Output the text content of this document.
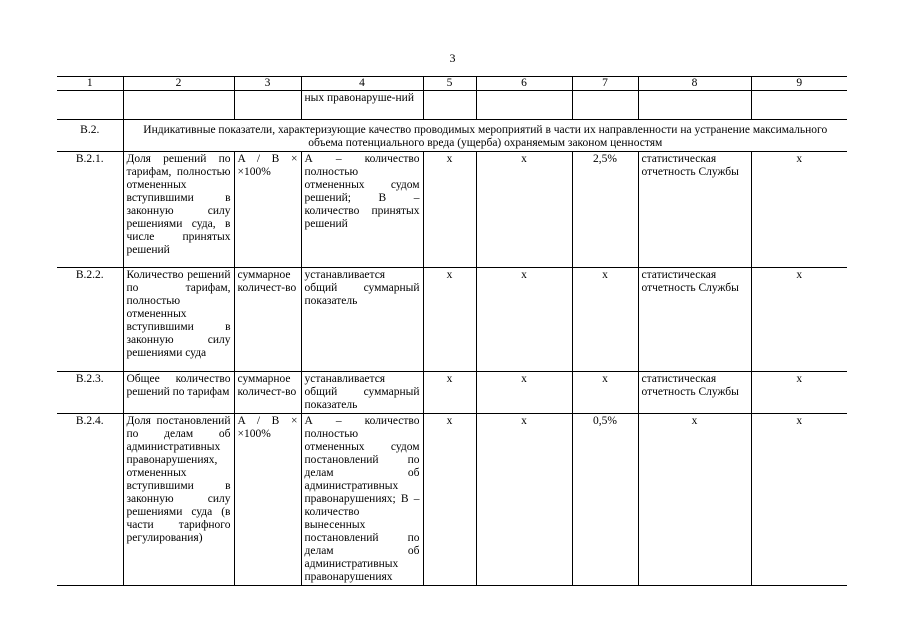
3
1	2	3	4	5	6	7	8	9
			ных правонаруше-ний					
В.2.	Индикативные показатели, характеризующие качество проводимых мероприятий в части их направленности на устранение максимального объема потенциального вреда (ущерба) охраняемым законом ценностям							
В.2.1.	Доля решений по тарифам, полностью отмененных вступившими в законную силу решениями суда, в числе принятых решений	A / B × ×100%	А – количество полностью отмененных судом решений; В – количество принятых решений	x	x	2,5%	статистическая отчетность Службы	x
В.2.2.	Количество решений по тарифам, полностью отмененных вступившими в законную силу решениями суда	суммарное количест-во	устанавливается общий суммарный показатель	x	x	x	статистическая отчетность Службы	x
В.2.3.	Общее количество решений по тарифам	суммарное количест-во	устанавливается общий суммарный показатель	x	x	x	статистическая отчетность Службы	x
В.2.4.	Доля постановлений по делам об административных правонарушениях, отмененных вступившими в законную силу решениями суда (в части тарифного регулирования)	A / B × ×100%	А – количество полностью отмененных судом постановлений по делам об административных правонарушениях; В – количество вынесенных постановлений по делам об административных правонарушениях	x	x	0,5%	x	x
